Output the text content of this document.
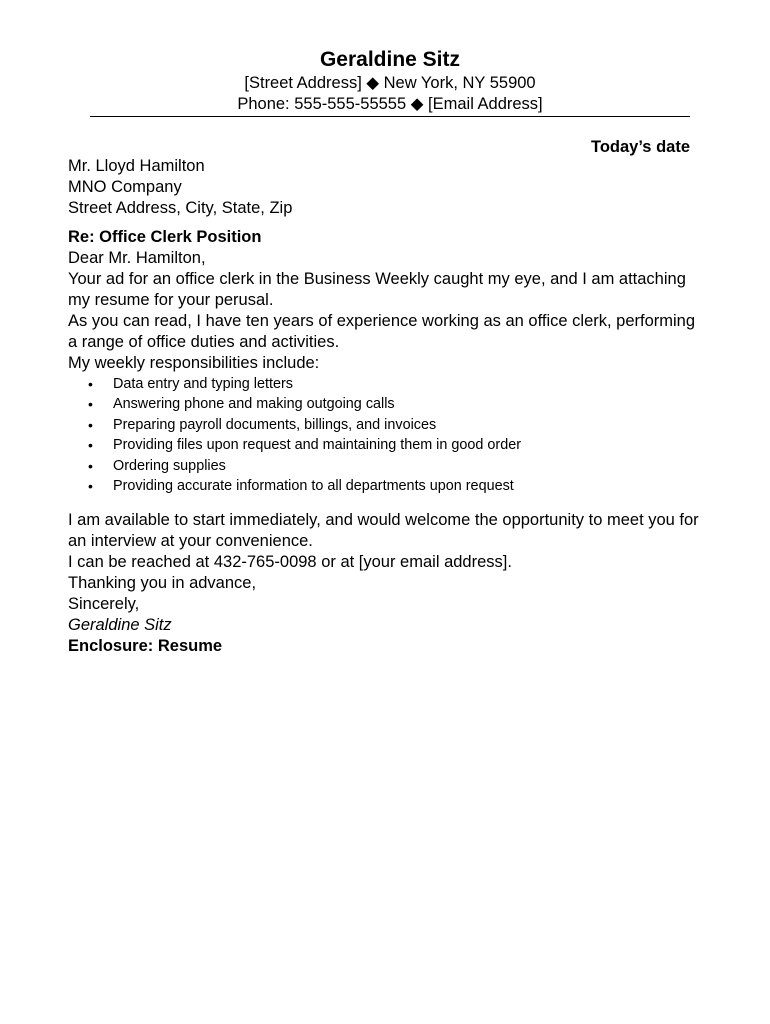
Geraldine Sitz
[Street Address] ◆ New York, NY 55900
Phone: 555-555-55555 ◆ [Email Address]
Today’s date

Mr. Lloyd Hamilton

MNO Company

Street Address, City, State, Zip

Re: Office Clerk Position

Dear Mr. Hamilton,

Your ad for an office clerk in the Business Weekly caught my eye, and I am attaching my resume for your perusal.

As you can read, I have ten years of experience working as an office clerk, performing a range of office duties and activities.

My weekly responsibilities include:

• Data entry and typing letters
• Answering phone and making outgoing calls
• Preparing payroll documents, billings, and invoices
• Providing files upon request and maintaining them in good order
• Ordering supplies
• Providing accurate information to all departments upon request

I am available to start immediately, and would welcome the opportunity to meet you for an interview at your convenience.

I can be reached at 432-765-0098 or at [your email address].

Thanking you in advance,

Sincerely,

Geraldine Sitz

Enclosure: Resume
